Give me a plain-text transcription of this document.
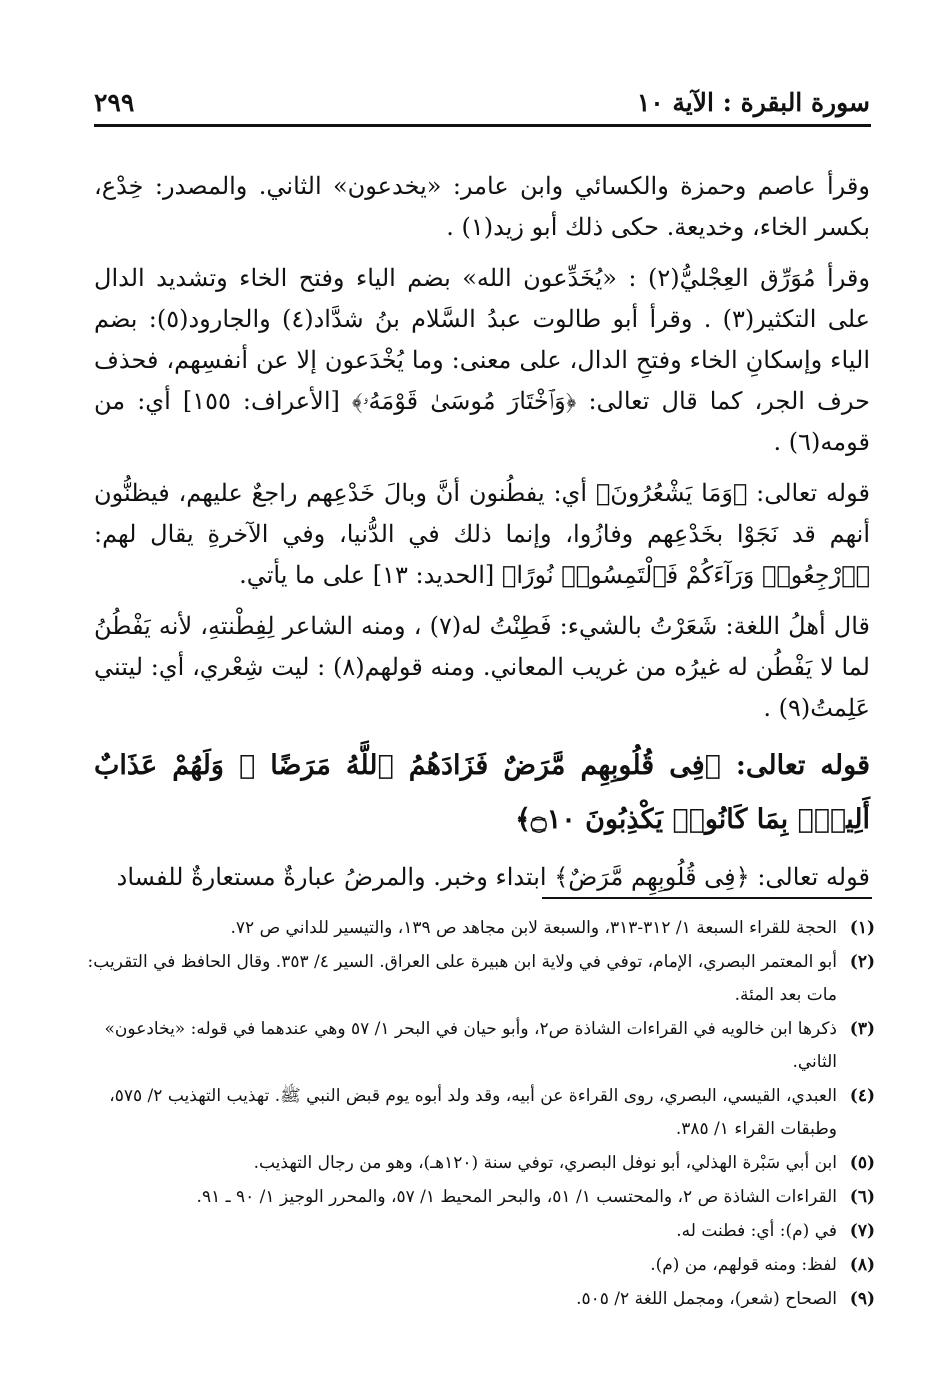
سورة البقرة : الآية ١٠
٢٩٩

وقرأ عاصم وحمزة والكسائي وابن عامر: «يخدعون» الثاني. والمصدر: خِدْع، بكسر الخاء، وخديعة. حكى ذلك أبو زيد(١) .

وقرأ مُوَرِّق العِجْليُّ(٢) : «يُخَدِّعون الله» بضم الياء وفتح الخاء وتشديد الدال على التكثير(٣) . وقرأ أبو طالوت عبدُ السَّلام بنُ شدَّاد(٤) والجارود(٥): بضم الياء وإسكانِ الخاء وفتحِ الدال، على معنى: وما يُخْدَعون إلا عن أنفسِهم، فحذف حرف الجر، كما قال تعالى: ﴿وَٱخْتَارَ مُوسَىٰ قَوْمَهُۥ﴾ [الأعراف: ١٥٥] أي: من قومه(٦) .

قوله تعالى: ﴿وَمَا يَشْعُرُونَ﴾ أي: يفطُنون أنَّ وبالَ خَدْعِهم راجعٌ عليهم، فيظنُّون أنهم قد نَجَوْا بخَدْعِهم وفازُوا، وإنما ذلك في الدُّنيا، وفي الآخرةِ يقال لهم: ﴿ٱرْجِعُوا۟ وَرَآءَكُمْ فَٱلْتَمِسُوا۟ نُورًا﴾ [الحديد: ١٣] على ما يأتي.

قال أهلُ اللغة: شَعَرْتُ بالشيء: فَطِنْتُ له(٧) ، ومنه الشاعر لِفِطْنتهِ، لأنه يَفْطُنُ لما لا يَفْطُن له غيرُه من غريب المعاني. ومنه قولهم(٨) : ليت شِعْري، أي: ليتني عَلِمتُ(٩) .

قوله تعالى: ﴿فِى قُلُوبِهِم مَّرَضٌ فَزَادَهُمُ ٱللَّهُ مَرَضًا ۖ وَلَهُمْ عَذَابٌ أَلِيمٌۢ بِمَا كَانُوا۟ يَكْذِبُونَ ۝١٠﴾

قوله تعالى: ﴿فِى قُلُوبِهِم مَّرَضٌ﴾ ابتداء وخبر. والمرضُ عبارةٌ مستعارةٌ للفساد

(١)
الحجة للقراء السبعة ١/ ٣١٢-٣١٣، والسبعة لابن مجاهد ص ١٣٩، والتيسير للداني ص ٧٢.
(٢)
أبو المعتمر البصري، الإمام، توفي في ولاية ابن هبيرة على العراق. السير ٤/ ٣٥٣. وقال الحافظ في التقريب: مات بعد المئة.
(٣)
ذكرها ابن خالويه في القراءات الشاذة ص٢، وأبو حيان في البحر ١/ ٥٧ وهي عندهما في قوله: «يخادعون» الثاني.
(٤)
العبدي، القيسي، البصري، روى القراءة عن أبيه، وقد ولد أبوه يوم قبض النبي ﷺ. تهذيب التهذيب ٢/ ٥٧٥، وطبقات القراء ١/ ٣٨٥.
(٥)
ابن أبي سَبْرة الهذلي، أبو نوفل البصري، توفي سنة (١٢٠هـ)، وهو من رجال التهذيب.
(٦)
القراءات الشاذة ص ٢، والمحتسب ١/ ٥١، والبحر المحيط ١/ ٥٧، والمحرر الوجيز ١/ ٩٠ ـ ٩١.
(٧)
في (م): أي: فطنت له.
(٨)
لفظ: ومنه قولهم، من (م).
(٩)
الصحاح (شعر)، ومجمل اللغة ٢/ ٥٠٥.
